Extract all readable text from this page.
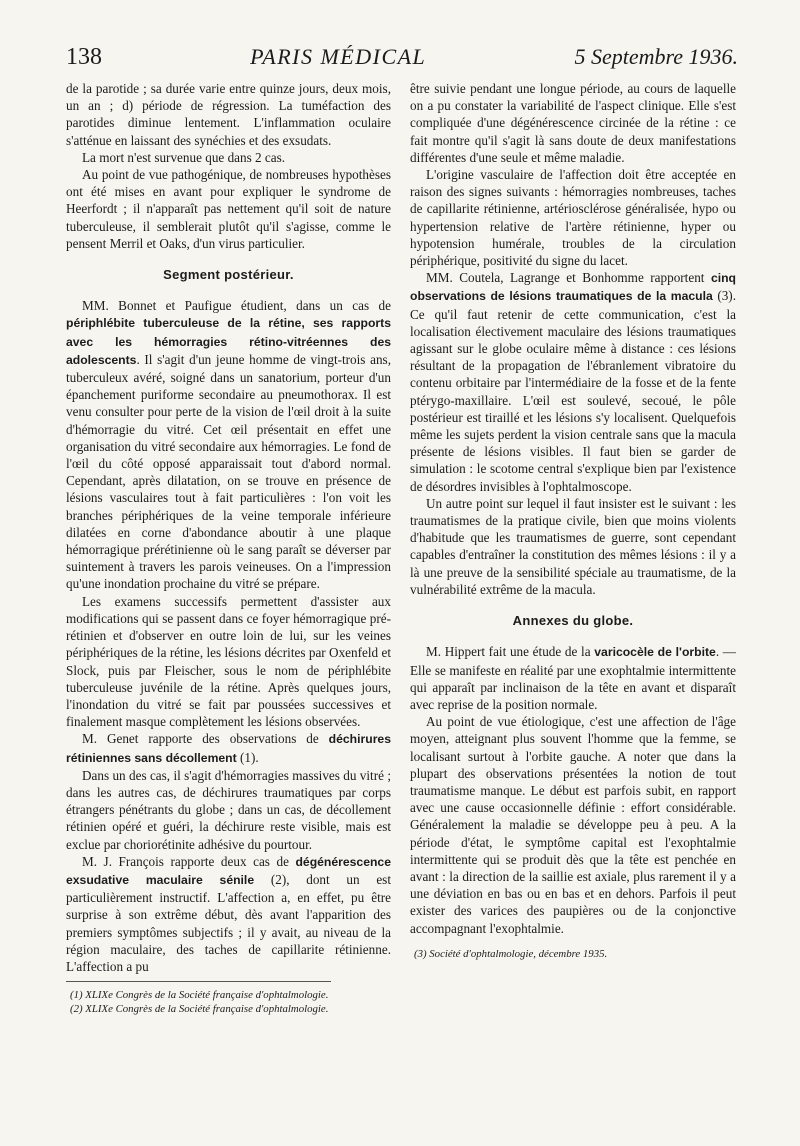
138	PARIS MÉDICAL	5 Septembre 1936.

de la parotide ; sa durée varie entre quinze jours, deux mois, un an ; d) période de régression. La tuméfaction des parotides diminue lentement. L'inflammation oculaire s'atténue en laissant des synéchies et des exsudats.

La mort n'est survenue que dans 2 cas.

Au point de vue pathogénique, de nombreuses hypothèses ont été mises en avant pour expliquer le syndrome de Heerfordt ; il n'apparaît pas nettement qu'il soit de nature tuberculeuse, il semblerait plutôt qu'il s'agisse, comme le pensent Merril et Oaks, d'un virus particulier.

Segment postérieur.

MM. Bonnet et Paufigue étudient, dans un cas de périphlébite tuberculeuse de la rétine, ses rapports avec les hémorragies rétino-vitréennes des adolescents. Il s'agit d'un jeune homme de vingt-trois ans, tuberculeux avéré, soigné dans un sanatorium, porteur d'un épanchement puriforme secondaire au pneumothorax. Il est venu consulter pour perte de la vision de l'œil droit à la suite d'hémorragie du vitré. Cet œil présentait en effet une organisation du vitré secondaire aux hémorragies. Le fond de l'œil du côté opposé apparaissait tout d'abord normal. Cependant, après dilatation, on se trouve en présence de lésions vasculaires tout à fait particulières : l'on voit les branches périphériques de la veine temporale inférieure dilatées en corne d'abondance aboutir à une plaque hémorragique prérétinienne où le sang paraît se déverser par suintement à travers les parois veineuses. On a l'impression qu'une inondation prochaine du vitré se prépare.

Les examens successifs permettent d'assister aux modifications qui se passent dans ce foyer hémorragique pré-rétinien et d'observer en outre loin de lui, sur les veines périphériques de la rétine, les lésions décrites par Oxenfeld et Slock, puis par Fleischer, sous le nom de périphlébite tuberculeuse juvénile de la rétine. Après quelques jours, l'inondation du vitré se fait par poussées successives et finalement masque complètement les lésions observées.

M. Genet rapporte des observations de déchirures rétiniennes sans décollement (1).

Dans un des cas, il s'agit d'hémorragies massives du vitré ; dans les autres cas, de déchirures traumatiques par corps étrangers pénétrants du globe ; dans un cas, de décollement rétinien opéré et guéri, la déchirure reste visible, mais est exclue par choriorétinite adhésive du pourtour.

M. J. François rapporte deux cas de dégénérescence exsudative maculaire sénile (2), dont un est particulièrement instructif. L'affection a, en effet, pu être surprise à son extrême début, dès avant l'apparition des premiers symptômes subjectifs ; il y avait, au niveau de la région maculaire, des taches de capillarite rétinienne. L'affection a pu

(1) XLIXe Congrès de la Société française d'ophtalmologie.
(2) XLIXe Congrès de la Société française d'ophtalmologie.

être suivie pendant une longue période, au cours de laquelle on a pu constater la variabilité de l'aspect clinique. Elle s'est compliquée d'une dégénérescence circinée de la rétine : ce fait montre qu'il s'agit là sans doute de deux manifestations différentes d'une seule et même maladie.

L'origine vasculaire de l'affection doit être acceptée en raison des signes suivants : hémorragies nombreuses, taches de capillarite rétinienne, artériosclérose généralisée, hypo ou hypertension relative de l'artère rétinienne, hyper ou hypotension humérale, troubles de la circulation périphérique, positivité du signe du lacet.

MM. Coutela, Lagrange et Bonhomme rapportent cinq observations de lésions traumatiques de la macula (3). Ce qu'il faut retenir de cette communication, c'est la localisation électivement maculaire des lésions traumatiques agissant sur le globe oculaire même à distance : ces lésions résultant de la propagation de l'ébranlement vibratoire du contenu orbitaire par l'intermédiaire de la fosse et de la fente ptérygo-maxillaire. L'œil est soulevé, secoué, le pôle postérieur est tiraillé et les lésions s'y localisent. Quelquefois même les sujets perdent la vision centrale sans que la macula présente de lésions visibles. Il faut bien se garder de simulation : le scotome central s'explique bien par l'existence de désordres invisibles à l'ophtalmoscope.

Un autre point sur lequel il faut insister est le suivant : les traumatismes de la pratique civile, bien que moins violents d'habitude que les traumatismes de guerre, sont cependant capables d'entraîner la constitution des mêmes lésions : il y a là une preuve de la sensibilité spéciale au traumatisme, de la vulnérabilité extrême de la macula.

Annexes du globe.

M. Hippert fait une étude de la varicocèle de l'orbite. — Elle se manifeste en réalité par une exophtalmie intermittente qui apparaît par inclinaison de la tête en avant et disparaît avec reprise de la position normale.

Au point de vue étiologique, c'est une affection de l'âge moyen, atteignant plus souvent l'homme que la femme, se localisant surtout à l'orbite gauche. A noter que dans la plupart des observations présentées la notion de tout traumatisme manque. Le début est parfois subit, en rapport avec une cause occasionnelle définie : effort considérable. Généralement la maladie se développe peu à peu. A la période d'état, le symptôme capital est l'exophtalmie intermittente qui se produit dès que la tête est penchée en avant : la direction de la saillie est axiale, plus rarement il y a une déviation en bas ou en bas et en dehors. Parfois il peut exister des varices des paupières ou de la conjonctive accompagnant l'exophtalmie.

(3) Société d'ophtalmologie, décembre 1935.
